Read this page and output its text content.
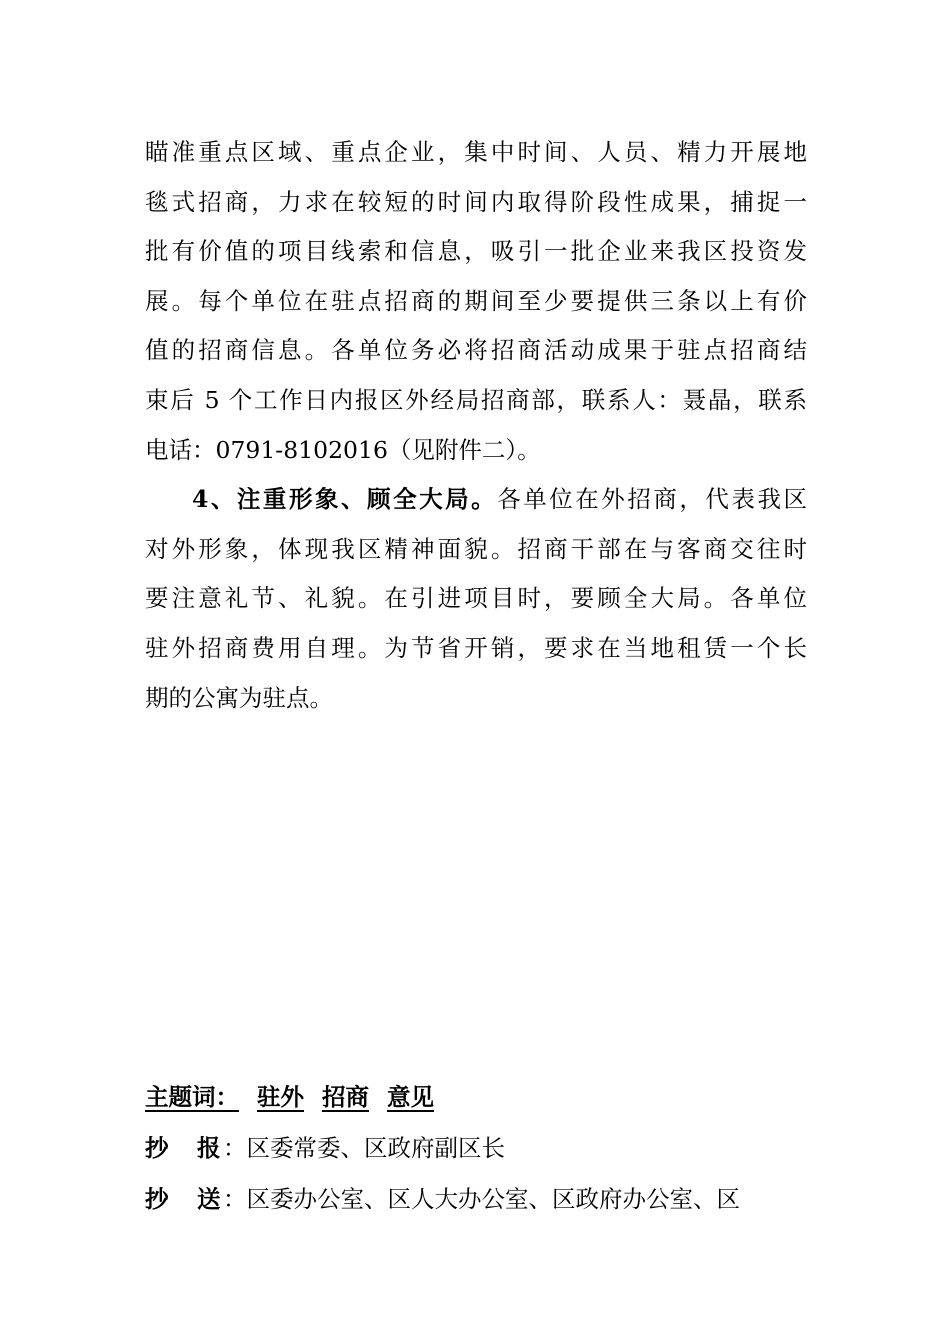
瞄准重点区域、重点企业，集中时间、人员、精力开展地
毯式招商，力求在较短的时间内取得阶段性成果，捕捉一
批有价值的项目线索和信息，吸引一批企业来我区投资发
展。每个单位在驻点招商的期间至少要提供三条以上有价
值的招商信息。各单位务必将招商活动成果于驻点招商结
束后 5 个工作日内报区外经局招商部，联系人：聂晶，联系
电话：0791-8102016（见附件二）。
4、注重形象、顾全大局。各单位在外招商，代表我区
对外形象，体现我区精神面貌。招商干部在与客商交往时
要注意礼节、礼貌。在引进项目时，要顾全大局。各单位
驻外招商费用自理。为节省开销，要求在当地租赁一个长
期的公寓为驻点。
主题词： 驻外 招商 意见
抄 报 ：区委常委、区政府副区长
抄 送 ：区委办公室、区人大办公室、区政府办公室、区
